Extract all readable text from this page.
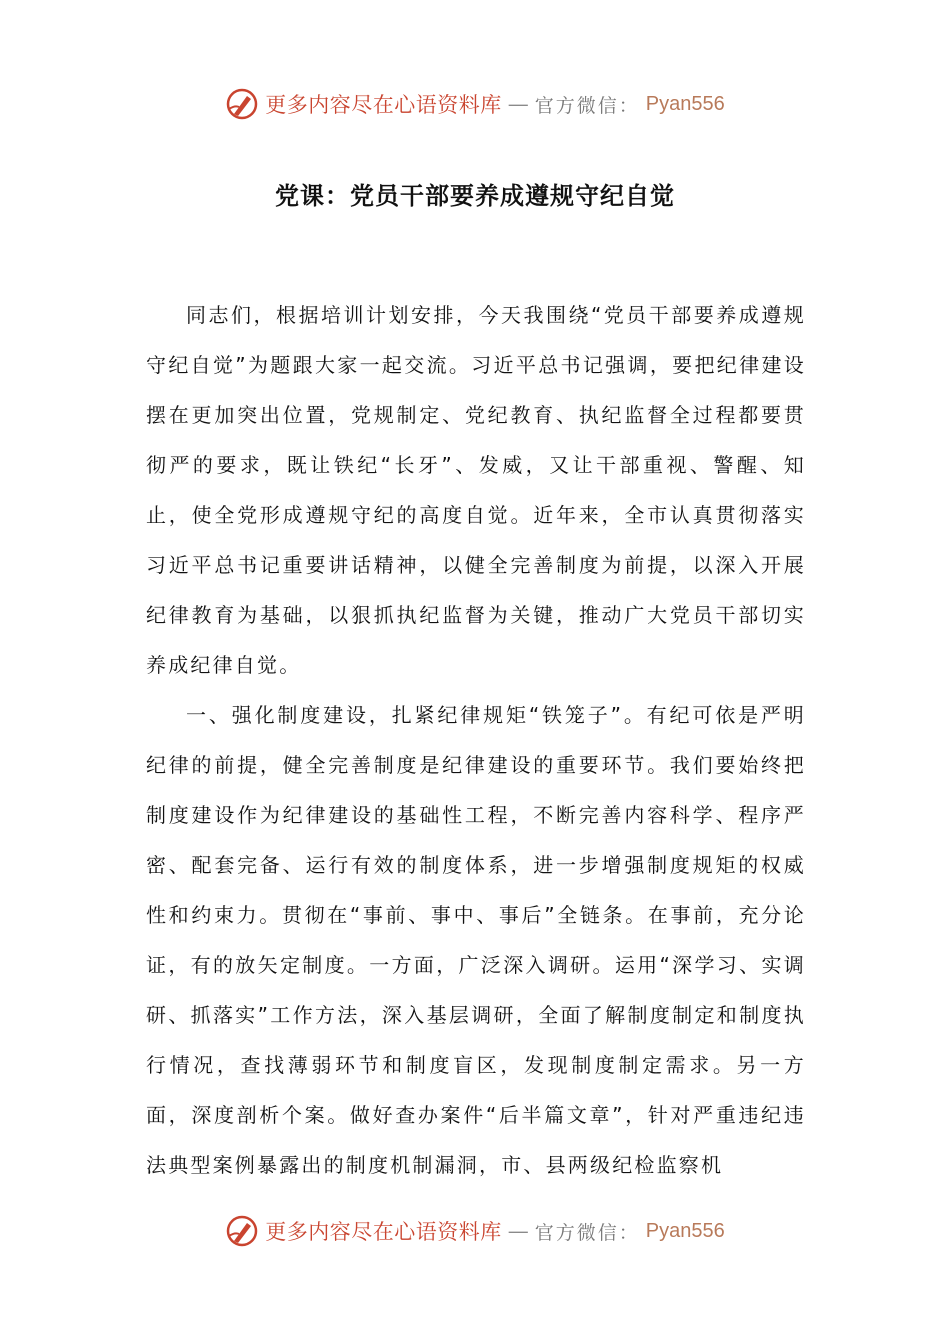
更多内容尽在心语资料库 — 官方微信： Pyan556
党课：党员干部要养成遵规守纪自觉

同志们，根据培训计划安排，今天我围绕“党员干部要养成遵规守纪自觉”为题跟大家一起交流。习近平总书记强调，要把纪律建设摆在更加突出位置，党规制定、党纪教育、执纪监督全过程都要贯彻严的要求，既让铁纪“长牙”、发威，又让干部重视、警醒、知止，使全党形成遵规守纪的高度自觉。近年来，全市认真贯彻落实习近平总书记重要讲话精神，以健全完善制度为前提，以深入开展纪律教育为基础，以狠抓执纪监督为关键，推动广大党员干部切实养成纪律自觉。

一、强化制度建设，扎紧纪律规矩“铁笼子”。有纪可依是严明纪律的前提，健全完善制度是纪律建设的重要环节。我们要始终把制度建设作为纪律建设的基础性工程，不断完善内容科学、程序严密、配套完备、运行有效的制度体系，进一步增强制度规矩的权威性和约束力。贯彻在“事前、事中、事后”全链条。在事前，充分论证，有的放矢定制度。一方面，广泛深入调研。运用“深学习、实调研、抓落实”工作方法，深入基层调研，全面了解制度制定和制度执行情况，查找薄弱环节和制度盲区，发现制度制定需求。另一方面，深度剖析个案。做好查办案件“后半篇文章”，针对严重违纪违法典型案例暴露出的制度机制漏洞，市、县两级纪检监察机

更多内容尽在心语资料库 — 官方微信： Pyan556
